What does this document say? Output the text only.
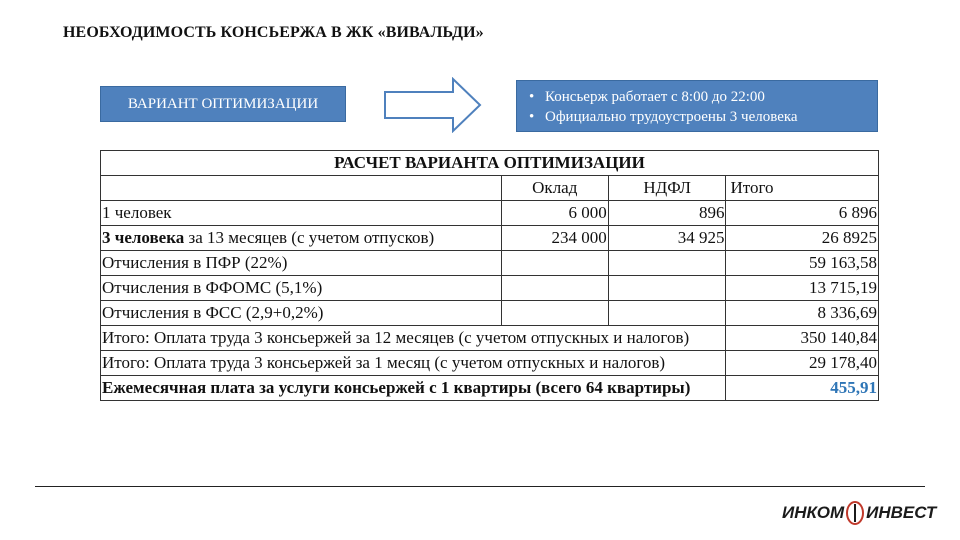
НЕОБХОДИМОСТЬ КОНСЬЕРЖА В ЖК «ВИВАЛЬДИ»
ВАРИАНТ ОПТИМИЗАЦИИ	• Консьерж работает с 8:00 до 22:00
• Официально трудоустроены 3 человека
РАСЧЕТ ВАРИАНТА ОПТИМИЗАЦИИ			
	Оклад	НДФЛ	Итого
1 человек	6 000	896	6 896
3 человека за 13 месяцев (с учетом отпусков)	234 000	34 925	26 8925
Отчисления в ПФР (22%)			59 163,58
Отчисления в ФФОМС (5,1%)			13 715,19
Отчисления в ФСС (2,9+0,2%)			8 336,69
Итого: Оплата труда 3 консьержей за 12 месяцев (с учетом отпускных и налогов)			350 140,84
Итого: Оплата труда 3 консьержей за 1 месяц (с учетом отпускных и налогов)			29 178,40
Ежемесячная плата за услуги консьержей с 1 квартиры (всего 64 квартиры)			455,91
ИНКОМ ИНВЕСТ
